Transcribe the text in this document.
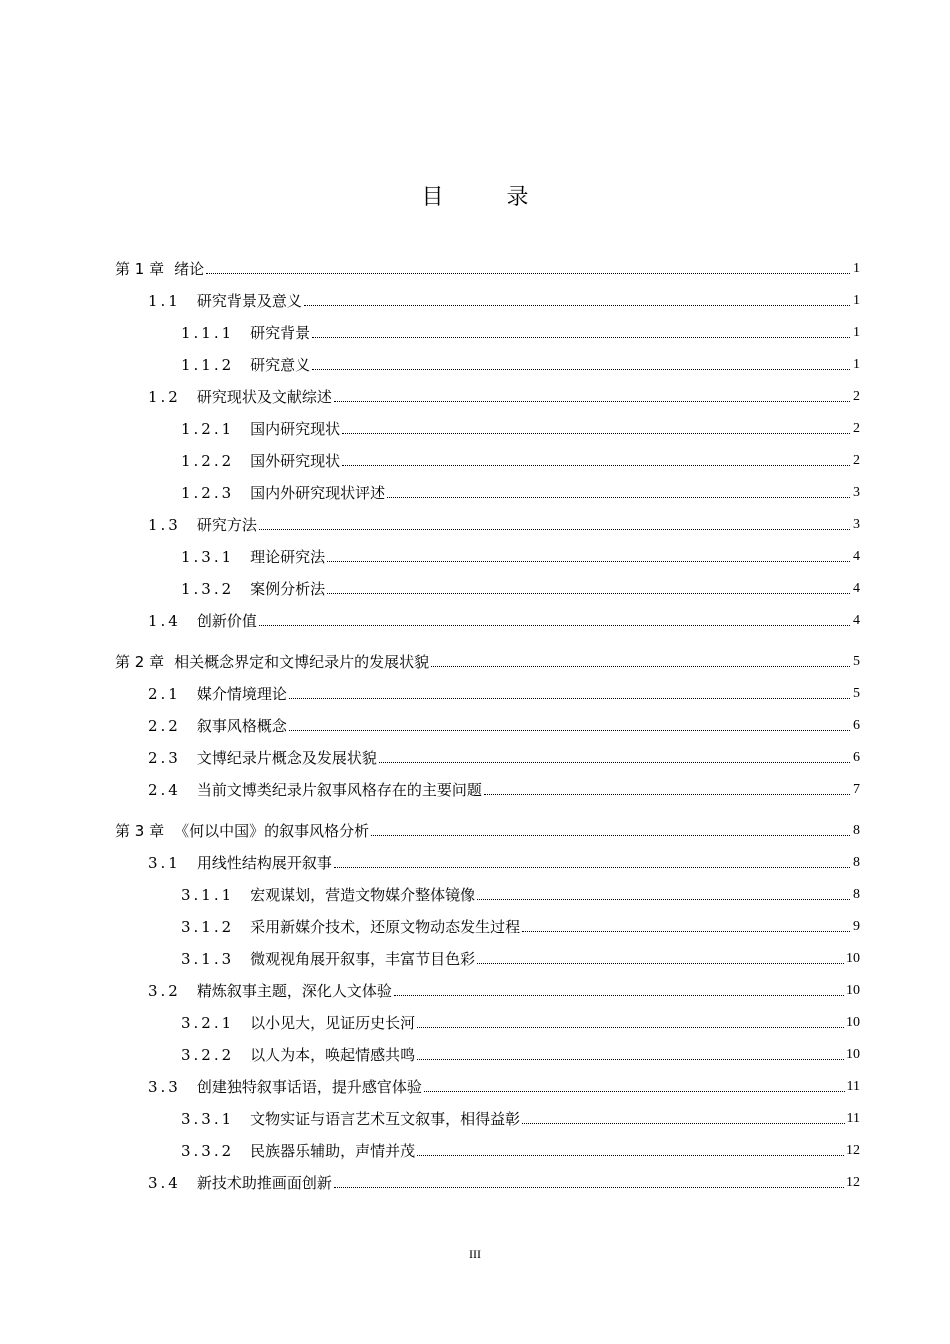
目	录
第 1 章 绪论	1
1.1 研究背景及意义	1
1.1.1 研究背景	1
1.1.2 研究意义	1
1.2 研究现状及文献综述	2
1.2.1 国内研究现状	2
1.2.2 国外研究现状	2
1.2.3 国内外研究现状评述	3
1.3 研究方法	3
1.3.1 理论研究法	4
1.3.2 案例分析法	4
1.4 创新价值	4
第 2 章 相关概念界定和文博纪录片的发展状貌	5
2.1 媒介情境理论	5
2.2 叙事风格概念	6
2.3 文博纪录片概念及发展状貌	6
2.4 当前文博类纪录片叙事风格存在的主要问题	7
第 3 章 《何以中国》的叙事风格分析	8
3.1 用线性结构展开叙事	8
3.1.1 宏观谋划，营造文物媒介整体镜像	8
3.1.2 采用新媒介技术，还原文物动态发生过程	9
3.1.3 微观视角展开叙事，丰富节目色彩	10
3.2 精炼叙事主题，深化人文体验	10
3.2.1 以小见大，见证历史长河	10
3.2.2 以人为本，唤起情感共鸣	10
3.3 创建独特叙事话语，提升感官体验	11
3.3.1 文物实证与语言艺术互文叙事，相得益彰	11
3.3.2 民族器乐辅助，声情并茂	12
3.4 新技术助推画面创新	12
III
